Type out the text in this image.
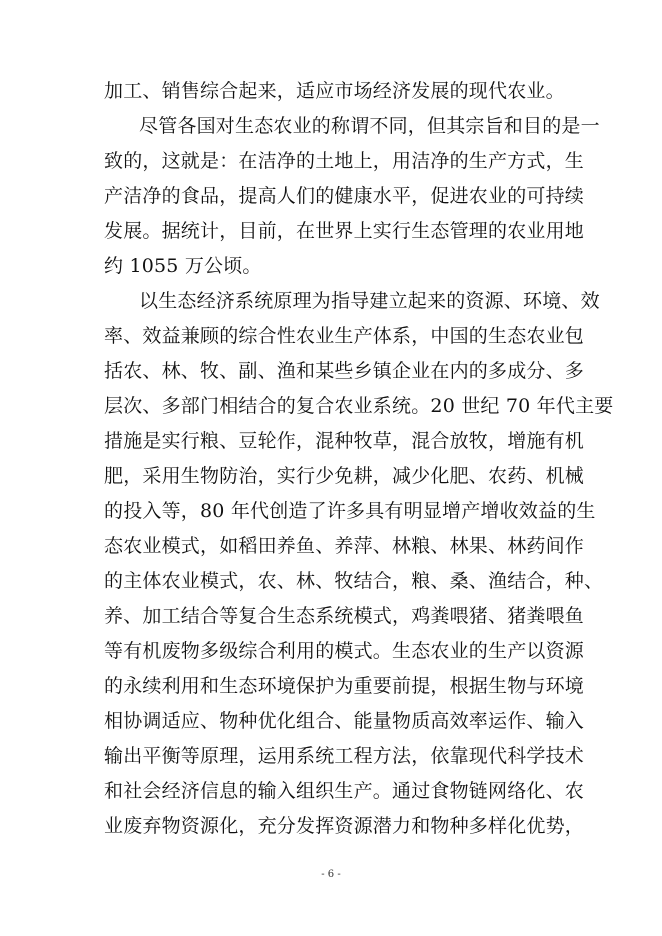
加工、销售综合起来，适应市场经济发展的现代农业。
尽管各国对生态农业的称谓不同，但其宗旨和目的是一
致的，这就是：在洁净的土地上，用洁净的生产方式，生
产洁净的食品，提高人们的健康水平，促进农业的可持续
发展。据统计，目前，在世界上实行生态管理的农业用地
约 1055 万公顷。
以生态经济系统原理为指导建立起来的资源、环境、效
率、效益兼顾的综合性农业生产体系，中国的生态农业包
括农、林、牧、副、渔和某些乡镇企业在内的多成分、多
层次、多部门相结合的复合农业系统。20 世纪 70 年代主要
措施是实行粮、豆轮作，混种牧草，混合放牧，增施有机
肥，采用生物防治，实行少免耕，减少化肥、农药、机械
的投入等，80 年代创造了许多具有明显增产增收效益的生
态农业模式，如稻田养鱼、养萍、林粮、林果、林药间作
的主体农业模式，农、林、牧结合，粮、桑、渔结合，种、
养、加工结合等复合生态系统模式，鸡粪喂猪、猪粪喂鱼
等有机废物多级综合利用的模式。生态农业的生产以资源
的永续利用和生态环境保护为重要前提，根据生物与环境
相协调适应、物种优化组合、能量物质高效率运作、输入
输出平衡等原理，运用系统工程方法，依靠现代科学技术
和社会经济信息的输入组织生产。通过食物链网络化、农
业废弃物资源化，充分发挥资源潜力和物种多样化优势，
- 6 -
